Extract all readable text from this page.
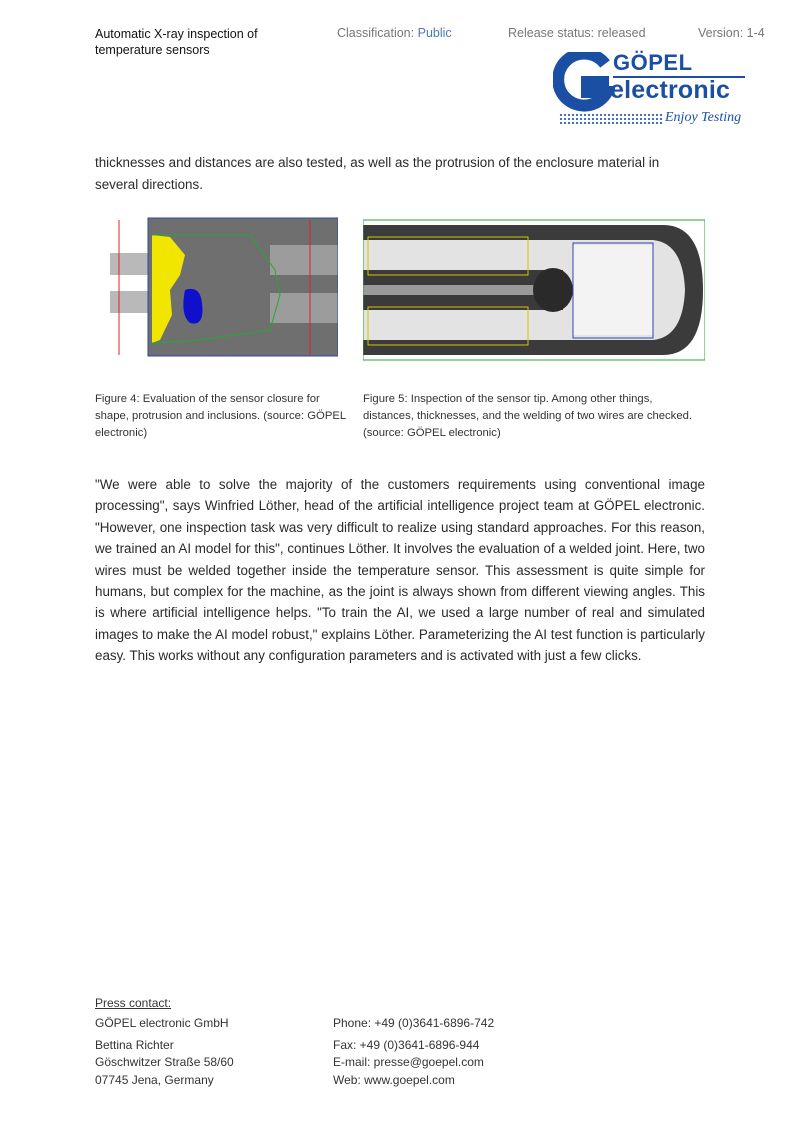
Automatic X-ray inspection of temperature sensors
Classification: Public	Release status: released	Version: 1-4
GÖPEL
electronic
Enjoy Testing
thicknesses and distances are also tested, as well as the protrusion of the enclosure material in several directions.
Figure 4: Evaluation of the sensor closure for shape, protrusion and inclusions. (source: GÖPEL electronic)
Figure 5: Inspection of the sensor tip. Among other things, distances, thicknesses, and the welding of two wires are checked. (source: GÖPEL electronic)
"We were able to solve the majority of the customers requirements using conventional image processing", says Winfried Löther, head of the artificial intelligence project team at GÖPEL electronic. "However, one inspection task was very difficult to realize using standard approaches. For this reason, we trained an AI model for this", continues Löther. It involves the evaluation of a welded joint. Here, two wires must be welded together inside the temperature sensor. This assessment is quite simple for humans, but complex for the machine, as the joint is always shown from different viewing angles. This is where artificial intelligence helps. "To train the AI, we used a large number of real and simulated images to make the AI model robust," explains Löther. Parameterizing the AI test function is particularly easy. This works without any configuration parameters and is activated with just a few clicks.
Press contact:
GÖPEL electronic GmbH
Bettina Richter
Göschwitzer Straße 58/60
07745 Jena, Germany
Phone: +49 (0)3641-6896-742
Fax: +49 (0)3641-6896-944
E-mail: presse@goepel.com
Web: www.goepel.com
